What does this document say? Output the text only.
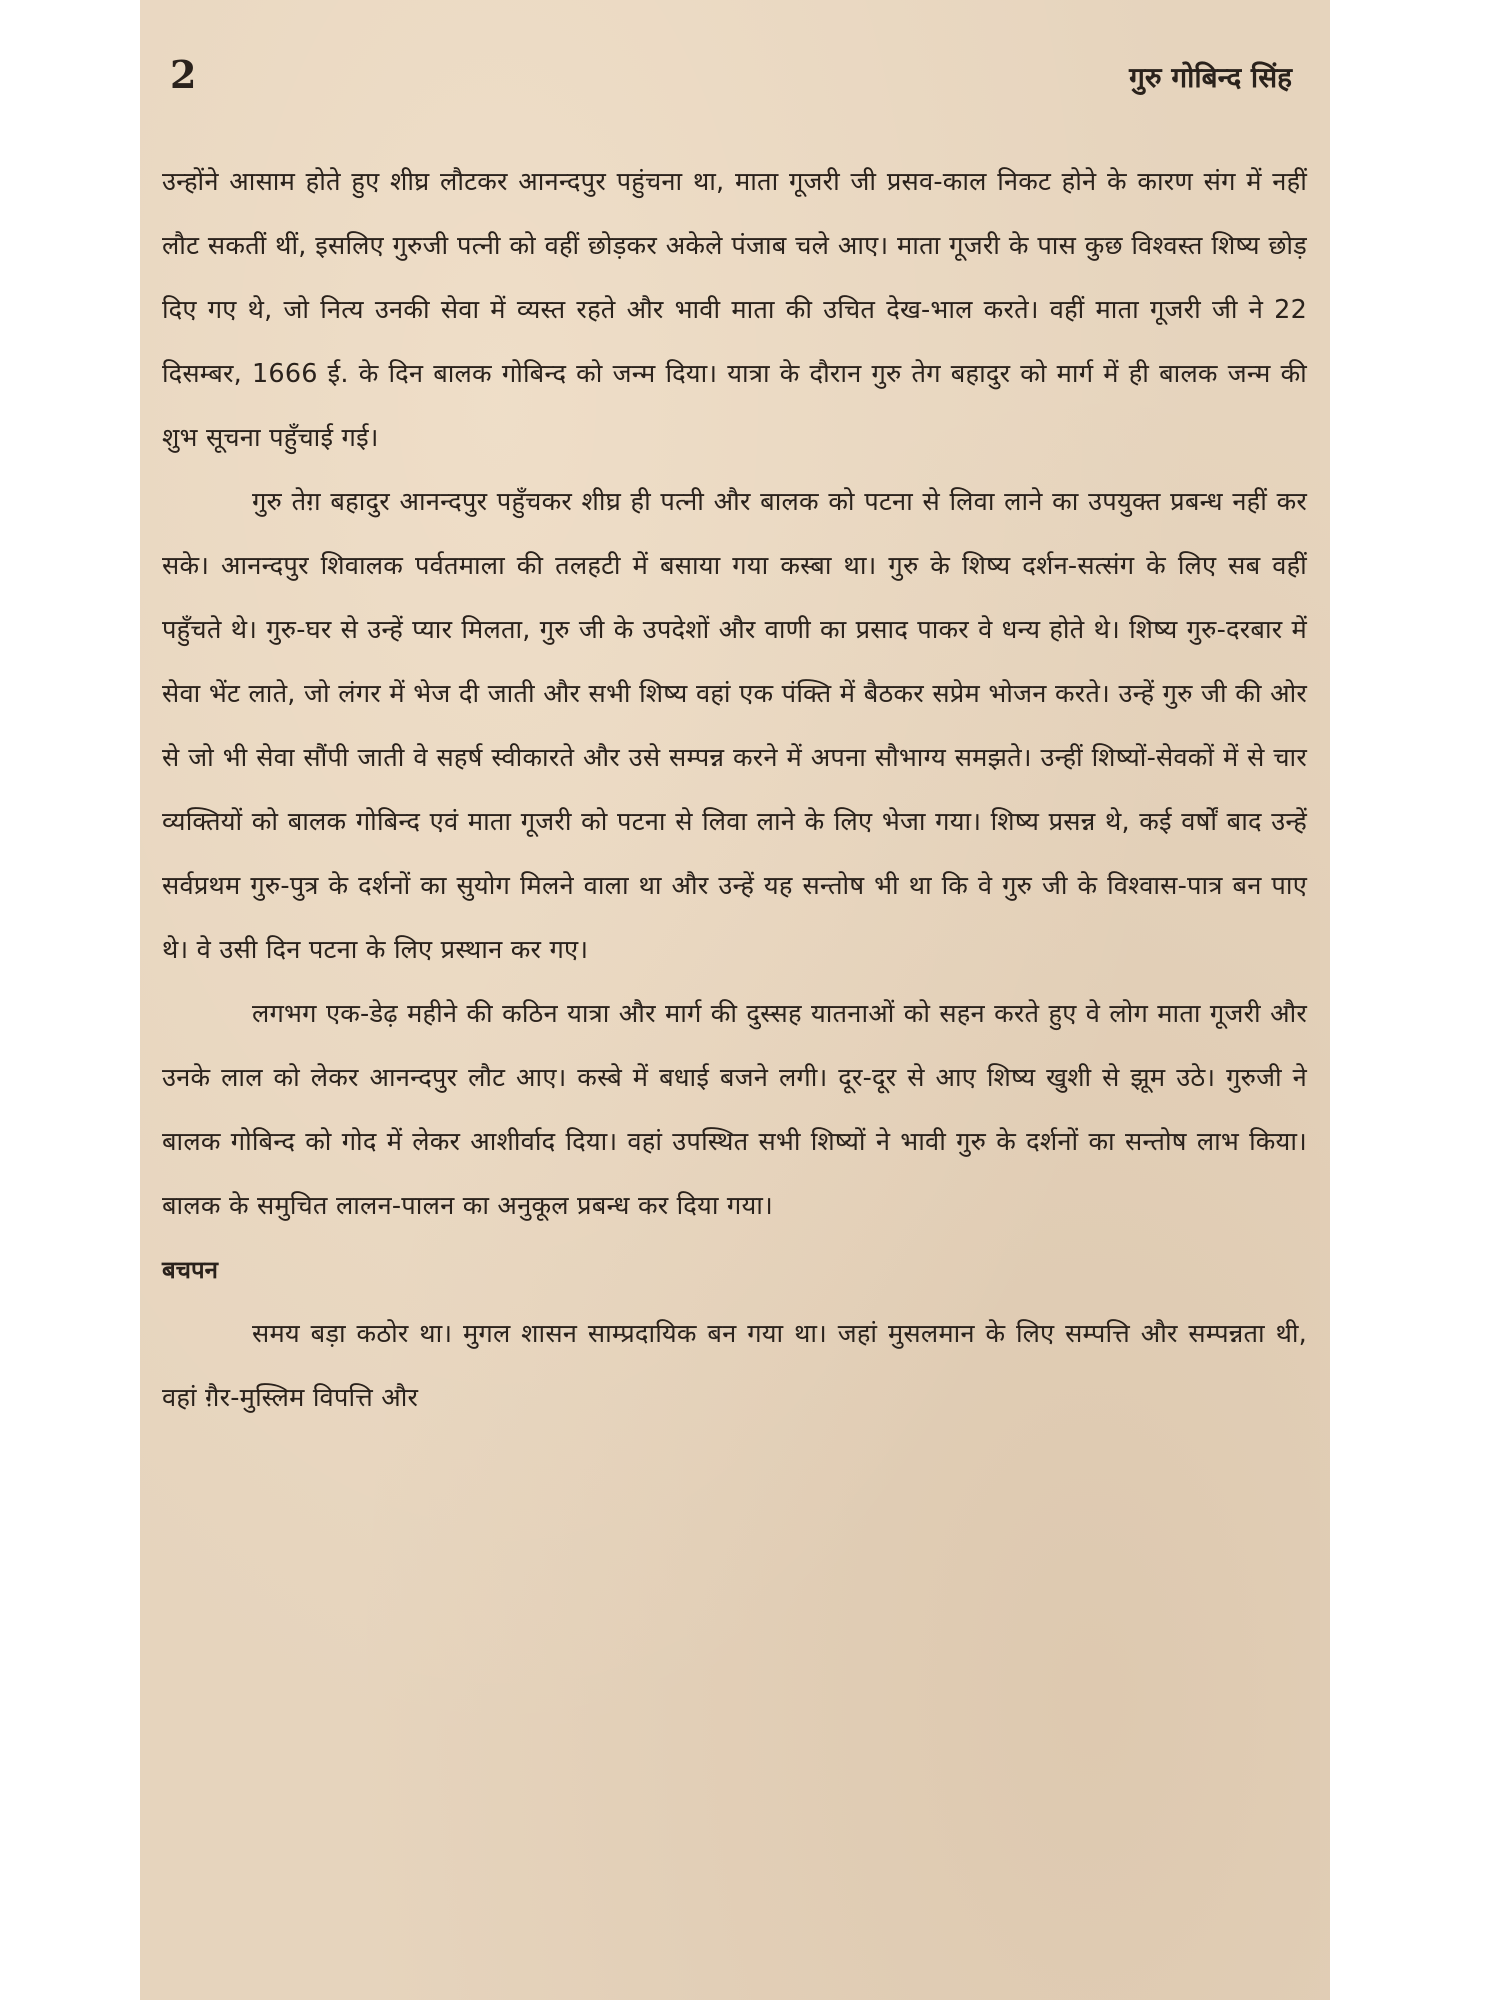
2	गुरु गोबिन्द सिंह

उन्होंने आसाम होते हुए शीघ्र लौटकर आनन्दपुर पहुंचना था, माता गूजरी जी प्रसव-काल निकट होने के कारण संग में नहीं लौट सकतीं थीं, इसलिए गुरुजी पत्नी को वहीं छोड़कर अकेले पंजाब चले आए। माता गूजरी के पास कुछ विश्वस्त शिष्य छोड़ दिए गए थे, जो नित्य उनकी सेवा में व्यस्त रहते और भावी माता की उचित देख-भाल करते। वहीं माता गूजरी जी ने 22 दिसम्बर, 1666 ई. के दिन बालक गोबिन्द को जन्म दिया। यात्रा के दौरान गुरु तेग बहादुर को मार्ग में ही बालक जन्म की शुभ सूचना पहुँचाई गई।

गुरु तेग़ बहादुर आनन्दपुर पहुँचकर शीघ्र ही पत्नी और बालक को पटना से लिवा लाने का उपयुक्त प्रबन्ध नहीं कर सके। आनन्दपुर शिवालक पर्वतमाला की तलहटी में बसाया गया कस्बा था। गुरु के शिष्य दर्शन-सत्संग के लिए सब वहीं पहुँचते थे। गुरु-घर से उन्हें प्यार मिलता, गुरु जी के उपदेशों और वाणी का प्रसाद पाकर वे धन्य होते थे। शिष्य गुरु-दरबार में सेवा भेंट लाते, जो लंगर में भेज दी जाती और सभी शिष्य वहां एक पंक्ति में बैठकर सप्रेम भोजन करते। उन्हें गुरु जी की ओर से जो भी सेवा सौंपी जाती वे सहर्ष स्वीकारते और उसे सम्पन्न करने में अपना सौभाग्य समझते। उन्हीं शिष्यों-सेवकों में से चार व्यक्तियों को बालक गोबिन्द एवं माता गूजरी को पटना से लिवा लाने के लिए भेजा गया। शिष्य प्रसन्न थे, कई वर्षों बाद उन्हें सर्वप्रथम गुरु-पुत्र के दर्शनों का सुयोग मिलने वाला था और उन्हें यह सन्तोष भी था कि वे गुरु जी के विश्वास-पात्र बन पाए थे। वे उसी दिन पटना के लिए प्रस्थान कर गए।

लगभग एक-डेढ़ महीने की कठिन यात्रा और मार्ग की दुस्सह यातनाओं को सहन करते हुए वे लोग माता गूजरी और उनके लाल को लेकर आनन्दपुर लौट आए। कस्बे में बधाई बजने लगी। दूर-दूर से आए शिष्य खुशी से झूम उठे। गुरुजी ने बालक गोबिन्द को गोद में लेकर आशीर्वाद दिया। वहां उपस्थित सभी शिष्यों ने भावी गुरु के दर्शनों का सन्तोष लाभ किया। बालक के समुचित लालन-पालन का अनुकूल प्रबन्ध कर दिया गया।

बचपन

समय बड़ा कठोर था। मुगल शासन साम्प्रदायिक बन गया था। जहां मुसलमान के लिए सम्पत्ति और सम्पन्नता थी, वहां ग़ैर-मुस्लिम विपत्ति और
